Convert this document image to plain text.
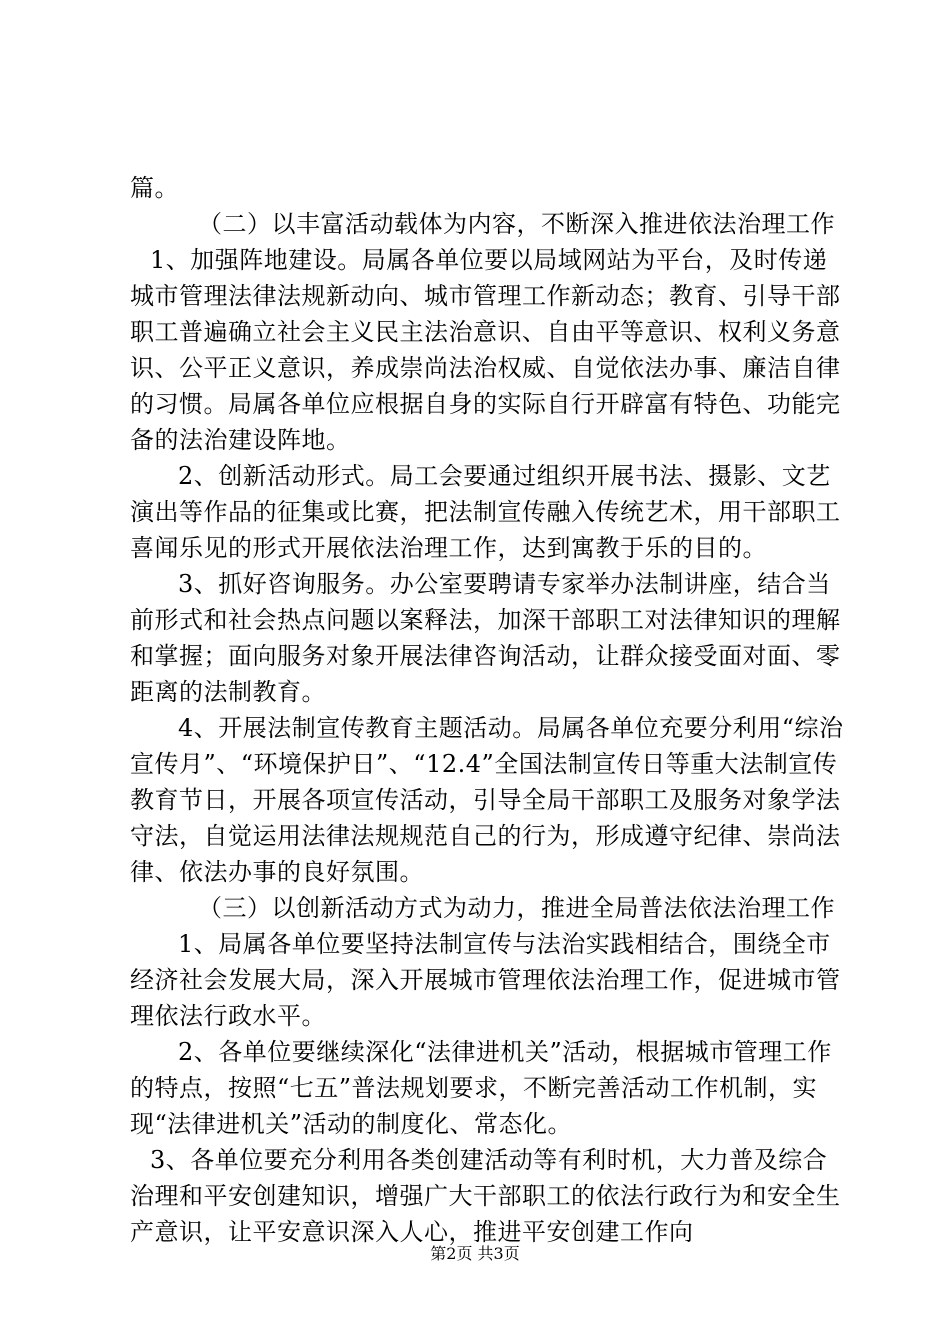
篇。

（二）以丰富活动载体为内容，不断深入推进依法治理工作

1、加强阵地建设。局属各单位要以局域网站为平台，及时传递城市管理法律法规新动向、城市管理工作新动态；教育、引导干部职工普遍确立社会主义民主法治意识、自由平等意识、权利义务意识、公平正义意识，养成崇尚法治权威、自觉依法办事、廉洁自律的习惯。局属各单位应根据自身的实际自行开辟富有特色、功能完备的法治建设阵地。

2、创新活动形式。局工会要通过组织开展书法、摄影、文艺演出等作品的征集或比赛，把法制宣传融入传统艺术，用干部职工喜闻乐见的形式开展依法治理工作，达到寓教于乐的目的。

3、抓好咨询服务。办公室要聘请专家举办法制讲座，结合当前形式和社会热点问题以案释法，加深干部职工对法律知识的理解和掌握；面向服务对象开展法律咨询活动，让群众接受面对面、零距离的法制教育。

4、开展法制宣传教育主题活动。局属各单位充要分利用“综治宣传月”、“环境保护日”、“12.4”全国法制宣传日等重大法制宣传教育节日，开展各项宣传活动，引导全局干部职工及服务对象学法守法，自觉运用法律法规规范自己的行为，形成遵守纪律、崇尚法律、依法办事的良好氛围。

（三）以创新活动方式为动力，推进全局普法依法治理工作

1、局属各单位要坚持法制宣传与法治实践相结合，围绕全市经济社会发展大局，深入开展城市管理依法治理工作，促进城市管理依法行政水平。

2、各单位要继续深化“法律进机关”活动，根据城市管理工作的特点，按照“七五”普法规划要求，不断完善活动工作机制，实现“法律进机关”活动的制度化、常态化。

3、各单位要充分利用各类创建活动等有利时机，大力普及综合治理和平安创建知识，增强广大干部职工的依法行政行为和安全生产意识，让平安意识深入人心，推进平安创建工作向

第2页 共3页
